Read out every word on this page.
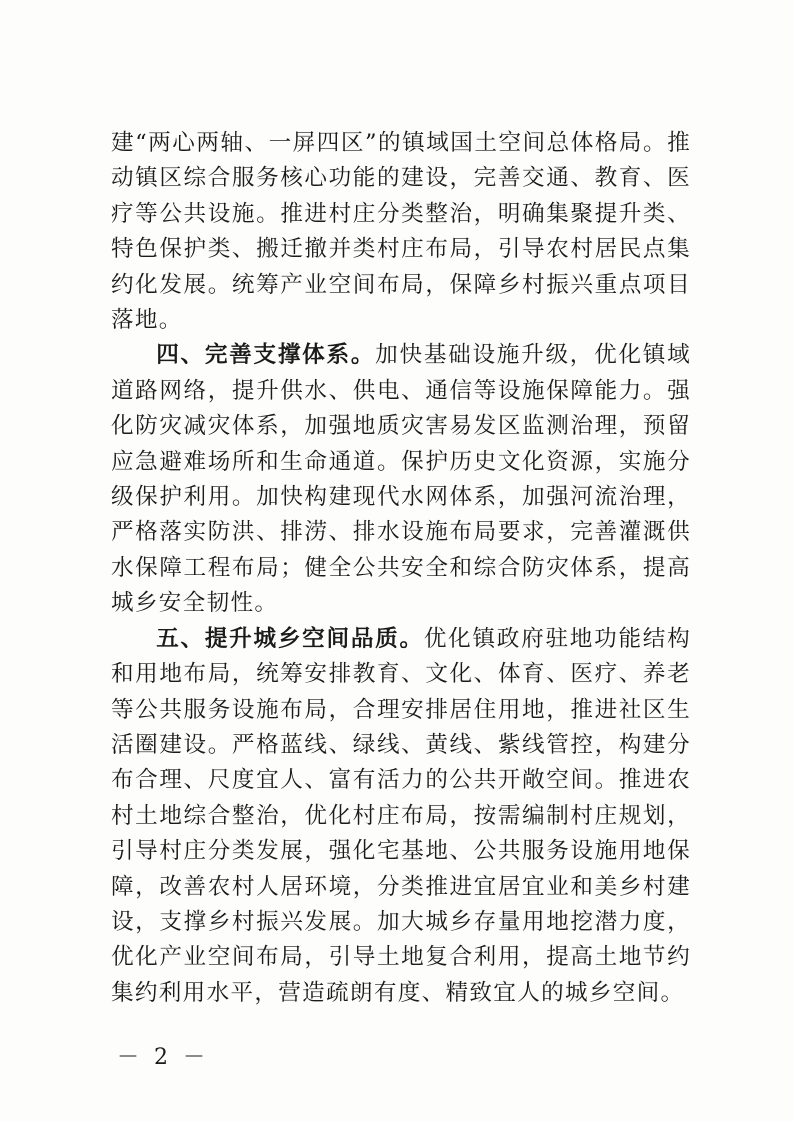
建“两心两轴、一屏四区”的镇域国土空间总体格局。推动镇区综合服务核心功能的建设，完善交通、教育、医疗等公共设施。推进村庄分类整治，明确集聚提升类、特色保护类、搬迁撤并类村庄布局，引导农村居民点集约化发展。统筹产业空间布局，保障乡村振兴重点项目落地。

四、完善支撑体系。加快基础设施升级，优化镇域道路网络，提升供水、供电、通信等设施保障能力。强化防灾减灾体系，加强地质灾害易发区监测治理，预留应急避难场所和生命通道。保护历史文化资源，实施分级保护利用。加快构建现代水网体系，加强河流治理，严格落实防洪、排涝、排水设施布局要求，完善灌溉供水保障工程布局；健全公共安全和综合防灾体系，提高城乡安全韧性。

五、提升城乡空间品质。优化镇政府驻地功能结构和用地布局，统筹安排教育、文化、体育、医疗、养老等公共服务设施布局，合理安排居住用地，推进社区生活圈建设。严格蓝线、绿线、黄线、紫线管控，构建分布合理、尺度宜人、富有活力的公共开敞空间。推进农村土地综合整治，优化村庄布局，按需编制村庄规划，引导村庄分类发展，强化宅基地、公共服务设施用地保障，改善农村人居环境，分类推进宜居宜业和美乡村建设，支撑乡村振兴发展。加大城乡存量用地挖潜力度，优化产业空间布局，引导土地复合利用，提高土地节约集约利用水平，营造疏朗有度、精致宜人的城乡空间。

－ 2 －
